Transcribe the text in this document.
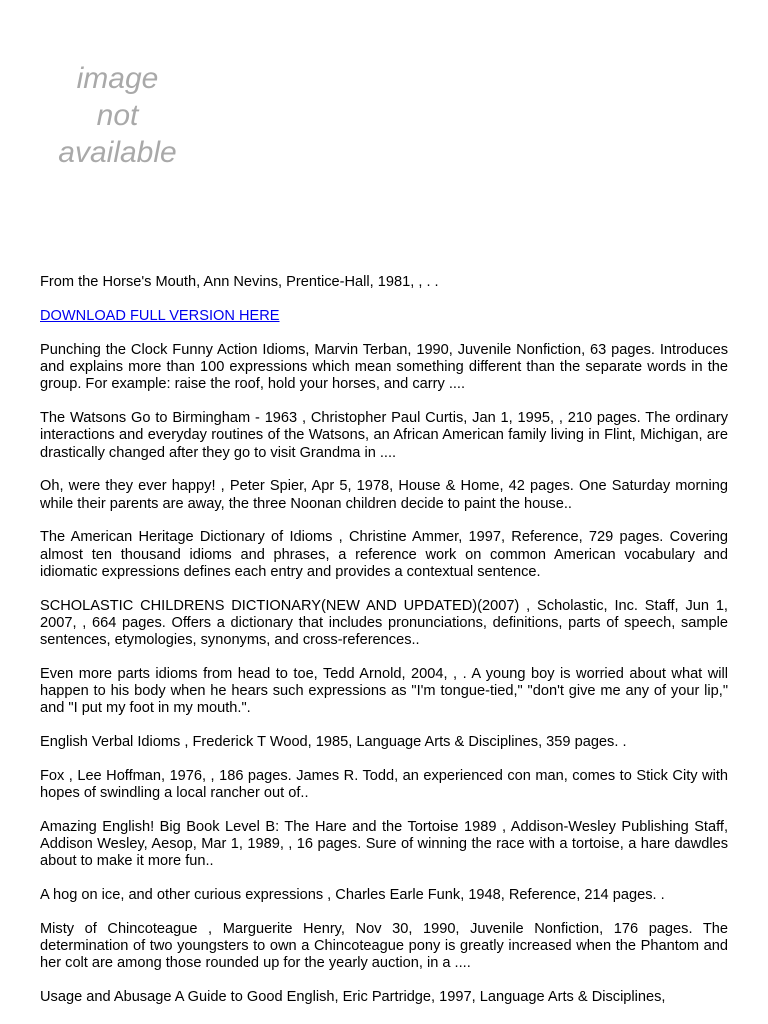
image
not
available

From the Horse's Mouth, Ann Nevins, Prentice-Hall, 1981, , . .

DOWNLOAD FULL VERSION HERE

Punching the Clock Funny Action Idioms, Marvin Terban, 1990, Juvenile Nonfiction, 63 pages. Introduces and explains more than 100 expressions which mean something different than the separate words in the group. For example: raise the roof, hold your horses, and carry ....

The Watsons Go to Birmingham - 1963 , Christopher Paul Curtis, Jan 1, 1995, , 210 pages. The ordinary interactions and everyday routines of the Watsons, an African American family living in Flint, Michigan, are drastically changed after they go to visit Grandma in ....

Oh, were they ever happy! , Peter Spier, Apr 5, 1978, House & Home, 42 pages. One Saturday morning while their parents are away, the three Noonan children decide to paint the house..

The American Heritage Dictionary of Idioms , Christine Ammer, 1997, Reference, 729 pages. Covering almost ten thousand idioms and phrases, a reference work on common American vocabulary and idiomatic expressions defines each entry and provides a contextual sentence.

SCHOLASTIC CHILDRENS DICTIONARY(NEW AND UPDATED)(2007) , Scholastic, Inc. Staff, Jun 1, 2007, , 664 pages. Offers a dictionary that includes pronunciations, definitions, parts of speech, sample sentences, etymologies, synonyms, and cross-references..

Even more parts idioms from head to toe, Tedd Arnold, 2004, , . A young boy is worried about what will happen to his body when he hears such expressions as "I'm tongue-tied," "don't give me any of your lip," and "I put my foot in my mouth.".

English Verbal Idioms , Frederick T Wood, 1985, Language Arts & Disciplines, 359 pages. .

Fox , Lee Hoffman, 1976, , 186 pages. James R. Todd, an experienced con man, comes to Stick City with hopes of swindling a local rancher out of..

Amazing English! Big Book Level B: The Hare and the Tortoise 1989 , Addison-Wesley Publishing Staff, Addison Wesley, Aesop, Mar 1, 1989, , 16 pages. Sure of winning the race with a tortoise, a hare dawdles about to make it more fun..

A hog on ice, and other curious expressions , Charles Earle Funk, 1948, Reference, 214 pages. .

Misty of Chincoteague , Marguerite Henry, Nov 30, 1990, Juvenile Nonfiction, 176 pages. The determination of two youngsters to own a Chincoteague pony is greatly increased when the Phantom and her colt are among those rounded up for the yearly auction, in a ....

Usage and Abusage A Guide to Good English, Eric Partridge, 1997, Language Arts & Disciplines,
